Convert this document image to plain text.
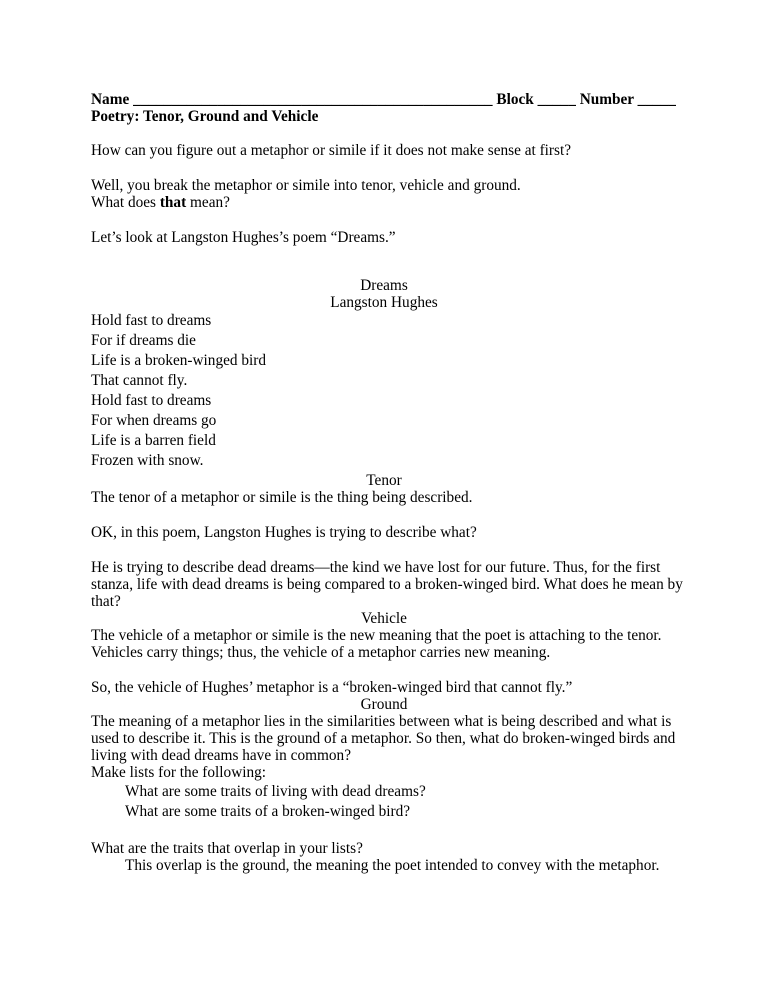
Name _______________________________________________ Block _____ Number _____
Poetry: Tenor, Ground and Vehicle
How can you figure out a metaphor or simile if it does not make sense at first?
Well, you break the metaphor or simile into tenor, vehicle and ground.
What does that mean?
Let’s look at Langston Hughes’s poem “Dreams.”
Dreams
Langston Hughes
Hold fast to dreams
For if dreams die
Life is a broken-winged bird
That cannot fly.
Hold fast to dreams
For when dreams go
Life is a barren field
Frozen with snow.
Tenor
The tenor of a metaphor or simile is the thing being described.
OK, in this poem, Langston Hughes is trying to describe what?
He is trying to describe dead dreams—the kind we have lost for our future. Thus, for the first
stanza, life with dead dreams is being compared to a broken-winged bird. What does he mean by
that?
Vehicle
The vehicle of a metaphor or simile is the new meaning that the poet is attaching to the tenor.
Vehicles carry things; thus, the vehicle of a metaphor carries new meaning.
So, the vehicle of Hughes’ metaphor is a “broken-winged bird that cannot fly.”
Ground
The meaning of a metaphor lies in the similarities between what is being described and what is
used to describe it. This is the ground of a metaphor. So then, what do broken-winged birds and
living with dead dreams have in common?
Make lists for the following:
What are some traits of living with dead dreams?
What are some traits of a broken-winged bird?
What are the traits that overlap in your lists?
This overlap is the ground, the meaning the poet intended to convey with the metaphor.
